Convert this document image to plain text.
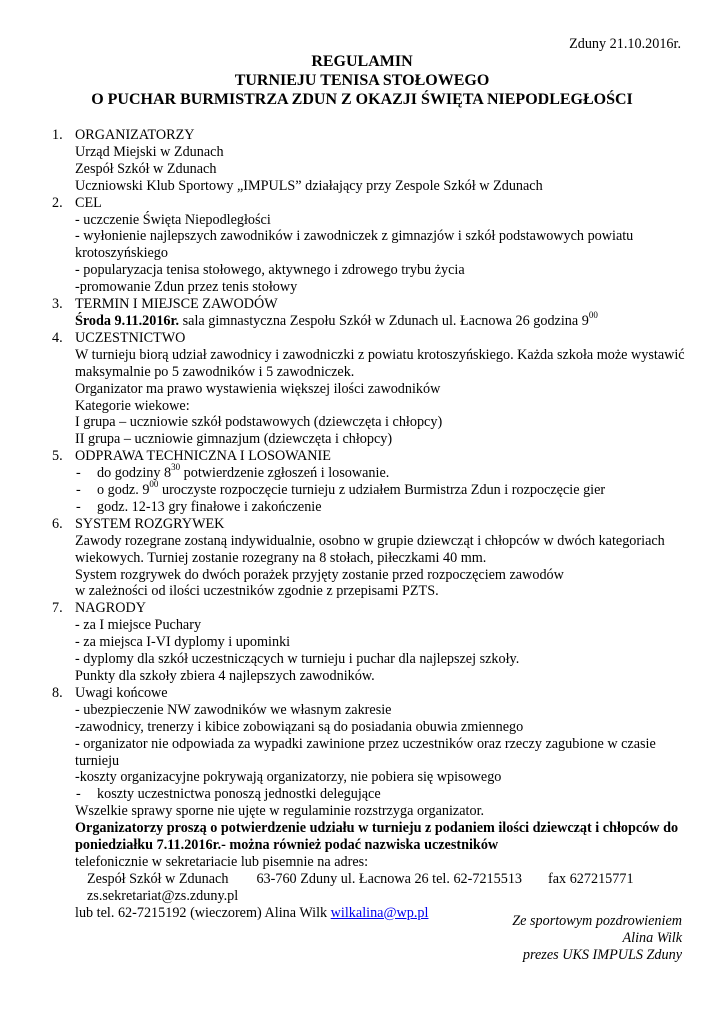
Zduny 21.10.2016r.
REGULAMIN
TURNIEJU TENISA STOŁOWEGO
O PUCHAR BURMISTRZA ZDUN Z OKAZJI ŚWIĘTA NIEPODLEGŁOŚCI
1. ORGANIZATORZY
Urząd Miejski w Zdunach
Zespół Szkół w Zdunach
Uczniowski Klub Sportowy „IMPULS” działający przy Zespole Szkół w Zdunach
2. CEL
- uczczenie Święta Niepodległości
- wyłonienie najlepszych zawodników i zawodniczek z gimnazjów i szkół podstawowych powiatu krotoszyńskiego
- popularyzacja tenisa stołowego, aktywnego i zdrowego trybu życia
-promowanie Zdun przez tenis stołowy
3. TERMIN I MIEJSCE ZAWODÓW
Środa 9.11.2016r. sala gimnastyczna Zespołu Szkół w Zdunach ul. Łacnowa 26 godzina $9^{00}$
4. UCZESTNICTWO
W turnieju biorą udział zawodnicy i zawodniczki z powiatu krotoszyńskiego. Każda szkoła może wystawić maksymalnie po 5 zawodników i 5 zawodniczek.
Organizator ma prawo wystawienia większej ilości zawodników
Kategorie wiekowe:
I grupa – uczniowie szkół podstawowych (dziewczęta i chłopcy)
II grupa – uczniowie gimnazjum (dziewczęta i chłopcy)
5. ODPRAWA TECHNICZNA I LOSOWANIE
- do godziny $8^{30}$ potwierdzenie zgłoszeń i losowanie.
- o godz. $9^{00}$ uroczyste rozpoczęcie turnieju z udziałem Burmistrza Zdun i rozpoczęcie gier
- godz. 12-13 gry finałowe i zakończenie
6. SYSTEM ROZGRYWEK
Zawody rozegrane zostaną indywidualnie, osobno w grupie dziewcząt i chłopców w dwóch kategoriach wiekowych. Turniej zostanie rozegrany na 8 stołach, piłeczkami 40 mm.
System rozgrywek do dwóch porażek przyjęty zostanie przed rozpoczęciem zawodów
w zależności od ilości uczestników zgodnie z przepisami PZTS.
7. NAGRODY
- za I miejsce Puchary
- za miejsca I-VI dyplomy i upominki
- dyplomy dla szkół uczestniczących w turnieju i puchar dla najlepszej szkoły.
Punkty dla szkoły zbiera 4 najlepszych zawodników.
8. Uwagi końcowe
- ubezpieczenie NW zawodników we własnym zakresie
-zawodnicy, trenerzy i kibice zobowiązani są do posiadania obuwia zmiennego
- organizator nie odpowiada za wypadki zawinione przez uczestników oraz rzeczy zagubione w czasie turnieju
-koszty organizacyjne pokrywają organizatorzy, nie pobiera się wpisowego
- koszty uczestnictwa ponoszą jednostki delegujące
Wszelkie sprawy sporne nie ujęte w regulaminie rozstrzyga organizator.
Organizatorzy proszą o potwierdzenie udziału w turnieju z podaniem ilości dziewcząt i chłopców do poniedziałku 7.11.2016r.- można również podać nazwiska uczestników
telefonicznie w sekretariacie lub pisemnie na adres:
Zespół Szkół w Zdunach 63-760 Zduny ul. Łacnowa 26 tel. 62-7215513 fax 627215771
zs.sekretariat@zs.zduny.pl
lub tel. 62-7215192 (wieczorem) Alina Wilk wilkalina@wp.pl
Ze sportowym pozdrowieniem
Alina Wilk
prezes UKS IMPULS Zduny
